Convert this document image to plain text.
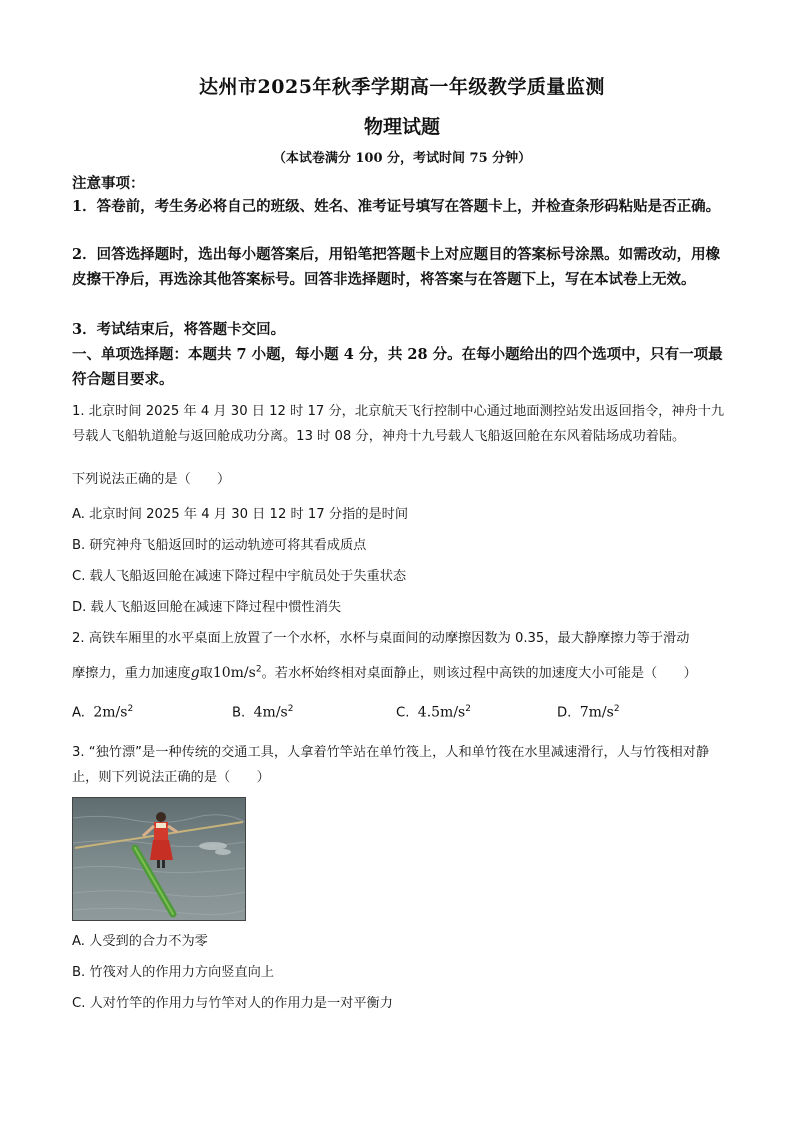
达州市2025年秋季学期高一年级教学质量监测
物理试题
（本试卷满分 100 分，考试时间 75 分钟）
注意事项：
1．答卷前，考生务必将自己的班级、姓名、准考证号填写在答题卡上，并检查条形码粘贴是否正确。
2．回答选择题时，选出每小题答案后，用铅笔把答题卡上对应题目的答案标号涂黑。如需改动，用橡皮擦干净后，再选涂其他答案标号。回答非选择题时，将答案与在答题下上，写在本试卷上无效。
3．考试结束后，将答题卡交回。
一、单项选择题：本题共 7 小题，每小题 4 分，共 28 分。在每小题给出的四个选项中，只有一项最符合题目要求。
1. 北京时间 2025 年 4 月 30 日 12 时 17 分，北京航天飞行控制中心通过地面测控站发出返回指令，神舟十九号载人飞船轨道舱与返回舱成功分离。13 时 08 分，神舟十九号载人飞船返回舱在东风着陆场成功着陆。
下列说法正确的是（　　）
A. 北京时间 2025 年 4 月 30 日 12 时 17 分指的是时间
B. 研究神舟飞船返回时的运动轨迹可将其看成质点
C. 载人飞船返回舱在减速下降过程中宇航员处于失重状态
D. 载人飞船返回舱在减速下降过程中惯性消失
2. 高铁车厢里的水平桌面上放置了一个水杯，水杯与桌面间的动摩擦因数为 0.35，最大静摩擦力等于滑动
摩擦力，重力加速度g取$10m/s^2$。若水杯始终相对桌面静止，则该过程中高铁的加速度大小可能是（　　）
A. $2m/s^2$	B. $4m/s^2$	C. $4.5m/s^2$	D. $7m/s^2$
3. “独竹漂”是一种传统的交通工具，人拿着竹竿站在单竹筏上，人和单竹筏在水里减速滑行，人与竹筏相对静止，则下列说法正确的是（　　）
A. 人受到的合力不为零
B. 竹筏对人的作用力方向竖直向上
C. 人对竹竿的作用力与竹竿对人的作用力是一对平衡力
